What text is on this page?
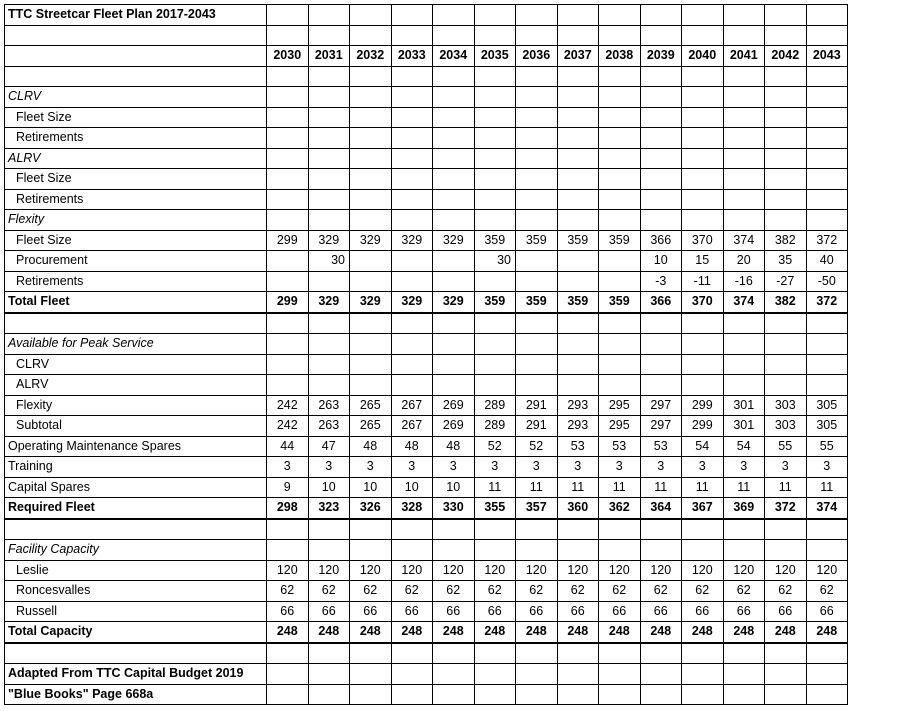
TTC Streetcar Fleet Plan 2017-2043														

	2030	2031	2032	2033	2034	2035	2036	2037	2038	2039	2040	2041	2042	2043

CLRV														
Fleet Size														
Retirements														
ALRV														
Fleet Size														
Retirements														
Flexity														
Fleet Size	299	329	329	329	329	359	359	359	359	366	370	374	382	372
Procurement		30				30				10	15	20	35	40
Retirements										-3	-11	-16	-27	-50
Total Fleet	299	329	329	329	329	359	359	359	359	366	370	374	382	372

Available for Peak Service														
CLRV														
ALRV														
Flexity	242	263	265	267	269	289	291	293	295	297	299	301	303	305
Subtotal	242	263	265	267	269	289	291	293	295	297	299	301	303	305
Operating Maintenance Spares	44	47	48	48	48	52	52	53	53	53	54	54	55	55
Training	3	3	3	3	3	3	3	3	3	3	3	3	3	3
Capital Spares	9	10	10	10	10	11	11	11	11	11	11	11	11	11
Required Fleet	298	323	326	328	330	355	357	360	362	364	367	369	372	374

Facility Capacity														
Leslie	120	120	120	120	120	120	120	120	120	120	120	120	120	120
Roncesvalles	62	62	62	62	62	62	62	62	62	62	62	62	62	62
Russell	66	66	66	66	66	66	66	66	66	66	66	66	66	66
Total Capacity	248	248	248	248	248	248	248	248	248	248	248	248	248	248

Adapted From TTC Capital Budget 2019														
"Blue Books" Page 668a														
